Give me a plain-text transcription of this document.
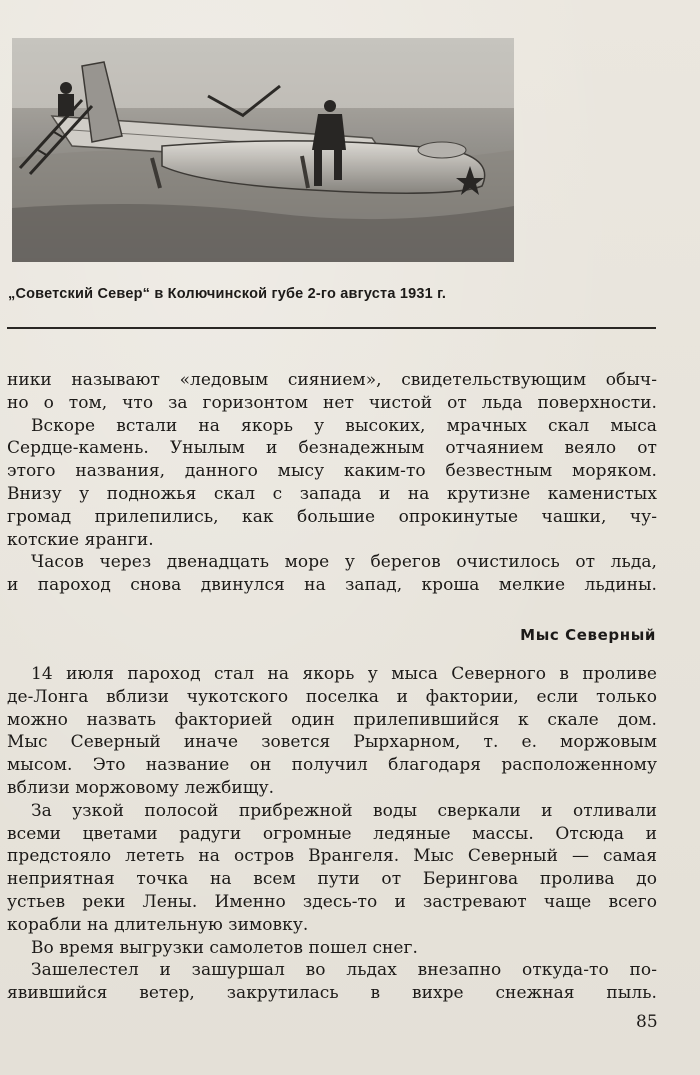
„Советский Север“ в Колючинской губе 2-го августа 1931 г.
ники называют «ледовым сиянием», свидетельствующим обыч-
но о том, что за горизонтом нет чистой от льда поверхности.
Вскоре встали на якорь у высоких, мрачных скал мыса
Сердце-камень. Унылым и безнадежным отчаянием веяло от
этого названия, данного мысу каким-то безвестным моряком.
Внизу у подножья скал с запада и на крутизне каменистых
громад прилепились, как большие опрокинутые чашки, чу-
котские яранги.
Часов через двенадцать море у берегов очистилось от льда,
и пароход снова двинулся на запад, кроша мелкие льдины.
Мыс Северный
14 июля пароход стал на якорь у мыса Северного в проливе
де-Лонга вблизи чукотского поселка и фактории, если только
можно назвать факторией один прилепившийся к скале дом.
Мыс Северный иначе зовется Рырхарном, т. е. моржовым
мысом. Это название он получил благодаря расположенному
вблизи моржовому лежбищу.
За узкой полосой прибрежной воды сверкали и отливали
всеми цветами радуги огромные ледяные массы. Отсюда и
предстояло лететь на остров Врангеля. Мыс Северный — самая
неприятная точка на всем пути от Берингова пролива до
устьев реки Лены. Именно здесь-то и застревают чаще всего
корабли на длительную зимовку.
Во время выгрузки самолетов пошел снег.
Зашелестел и зашуршал во льдах внезапно откуда-то по-
явившийся ветер, закрутилась в вихре снежная пыль.
85
